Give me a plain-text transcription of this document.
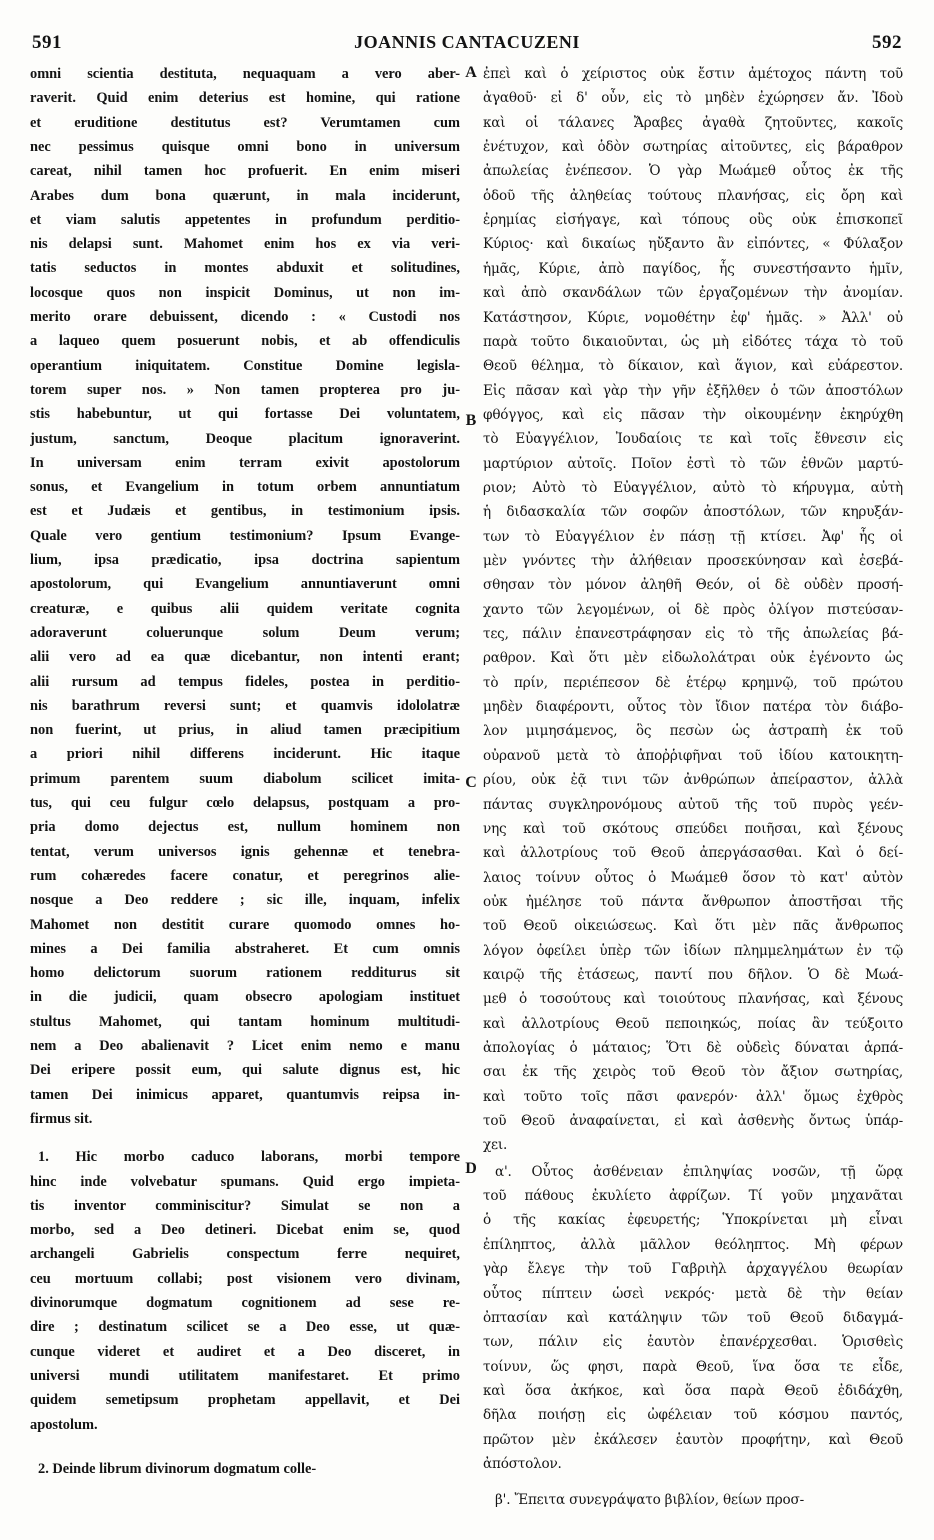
591	JOANNIS CANTACUZENI	592
omni scientia destituta, nequaquam a vero aber-
raverit. Quid enim deterius est homine, qui ratione
et eruditione destitutus est? Verumtamen cum
nec pessimus quisque omni bono in universum
careat, nihil tamen hoc profuerit. En enim miseri
Arabes dum bona quærunt, in mala inciderunt,
et viam salutis appetentes in profundum perditio-
nis delapsi sunt. Mahomet enim hos ex via veri-
tatis seductos in montes abduxit et solitudines,
locosque quos non inspicit Dominus, ut non im-
merito orare debuissent, dicendo : « Custodi nos
a laqueo quem posuerunt nobis, et ab offendiculis
operantium iniquitatem. Constitue Domine legisla-
torem super nos. » Non tamen propterea pro ju-
stis habebuntur, ut qui fortasse Dei voluntatem,
justum, sanctum, Deoque placitum ignoraverint.
In universam enim terram exivit apostolorum
sonus, et Evangelium in totum orbem annuntiatum
est et Judæis et gentibus, in testimonium ipsis.
Quale vero gentium testimonium? Ipsum Evange-
lium, ipsa prædicatio, ipsa doctrina sapientum
apostolorum, qui Evangelium annuntiaverunt omni
creaturæ, e quibus alii quidem veritate cognita
adoraverunt coluerunque solum Deum verum;
alii vero ad ea quæ dicebantur, non intenti erant;
alii rursum ad tempus fideles, postea in perditio-
nis barathrum reversi sunt; et quamvis idololatræ
non fuerint, ut prius, in aliud tamen præcipitium
a priori nihil differens inciderunt. Hic itaque
primum parentem suum diabolum scilicet imita-
tus, qui ceu fulgur cœlo delapsus, postquam a pro-
pria domo dejectus est, nullum hominem non
tentat, verum universos ignis gehennæ et tenebra-
rum cohæredes facere conatur, et peregrinos alie-
nosque a Deo reddere ; sic ille, inquam, infelix
Mahomet non destitit curare quomodo omnes ho-
mines a Dei familia abstraheret. Et cum omnis
homo delictorum suorum rationem redditurus sit
in die judicii, quam obsecro apologiam instituet
stultus Mahomet, qui tantam hominum multitudi-
nem a Deo abalienavit ? Licet enim nemo e manu
Dei eripere possit eum, qui salute dignus est, hic
tamen Dei inimicus apparet, quantumvis reipsa in-
firmus sit.
1. Hic morbo caduco laborans, morbi tempore
hinc inde volvebatur spumans. Quid ergo impieta-
tis inventor comminiscitur? Simulat se non a
morbo, sed a Deo detineri. Dicebat enim se, quod
archangeli Gabrielis conspectum ferre nequiret,
ceu mortuum collabi; post visionem vero divinam,
divinorumque dogmatum cognitionem ad sese re-
dire ; destinatum scilicet se a Deo esse, ut quæ-
cunque videret et audiret et a Deo disceret, in
universi mundi utilitatem manifestaret. Et primo
quidem semetipsum prophetam appellavit, et Dei
apostolum.
2. Deinde librum divinorum dogmatum colle-
A
B
C
D
ἐπεὶ καὶ ὁ χείριστος οὐκ ἔστιν ἀμέτοχος πάντη τοῦ
ἀγαθοῦ· εἰ δ' οὖν, εἰς τὸ μηδὲν ἐχώρησεν ἄν. Ἰδοὺ
καὶ οἱ τάλανες Ἄραβες ἀγαθὰ ζητοῦντες, κακοῖς
ἐνέτυχον, καὶ ὁδὸν σωτηρίας αἰτοῦντες, εἰς βάραθρον
ἀπωλείας ἐνέπεσον. Ὁ γὰρ Μωάμεθ οὗτος ἐκ τῆς
ὁδοῦ τῆς ἀληθείας τούτους πλανήσας, εἰς ὄρη καὶ
ἐρημίας εἰσήγαγε, καὶ τόπους οὓς οὐκ ἐπισκοπεῖ
Κύριος· καὶ δικαίως ηὔξαντο ἂν εἰπόντες, « Φύλαξον
ἡμᾶς, Κύριε, ἀπὸ παγίδος, ἧς συνεστήσαντο ἡμῖν,
καὶ ἀπὸ σκανδάλων τῶν ἐργαζομένων τὴν ἀνομίαν.
Κατάστησον, Κύριε, νομοθέτην ἐφ' ἡμᾶς. » Ἀλλ' οὐ
παρὰ τοῦτο δικαιοῦνται, ὡς μὴ εἰδότες τάχα τὸ τοῦ
Θεοῦ θέλημα, τὸ δίκαιον, καὶ ἅγιον, καὶ εὐάρεστον.
Εἰς πᾶσαν καὶ γὰρ τὴν γῆν ἐξῆλθεν ὁ τῶν ἀποστόλων
φθόγγος, καὶ εἰς πᾶσαν τὴν οἰκουμένην ἐκηρύχθη
τὸ Εὐαγγέλιον, Ἰουδαίοις τε καὶ τοῖς ἔθνεσιν εἰς
μαρτύριον αὐτοῖς. Ποῖον ἐστὶ τὸ τῶν ἐθνῶν μαρτύ-
ριον; Αὐτὸ τὸ Εὐαγγέλιον, αὐτὸ τὸ κήρυγμα, αὐτὴ
ἡ διδασκαλία τῶν σοφῶν ἀποστόλων, τῶν κηρυξάν-
των τὸ Εὐαγγέλιον ἐν πάσῃ τῇ κτίσει. Ἀφ' ἧς οἱ
μὲν γνόντες τὴν ἀλήθειαν προσεκύνησαν καὶ ἐσεβά-
σθησαν τὸν μόνον ἀληθῆ Θεόν, οἱ δὲ οὐδὲν προσή-
χαντο τῶν λεγομένων, οἱ δὲ πρὸς ὀλίγον πιστεύσαν-
τες, πάλιν ἐπανεστράφησαν εἰς τὸ τῆς ἀπωλείας βά-
ραθρον. Καὶ ὅτι μὲν εἰδωλολάτραι οὐκ ἐγένοντο ὡς
τὸ πρίν, περιέπεσον δὲ ἑτέρῳ κρημνῷ, τοῦ πρώτου
μηδὲν διαφέροντι, οὗτος τὸν ἴδιον πατέρα τὸν διάβο-
λον μιμησάμενος, ὃς πεσὼν ὡς ἀστραπὴ ἐκ τοῦ
οὐρανοῦ μετὰ τὸ ἀποῤῥιφῆναι τοῦ ἰδίου κατοικητη-
ρίου, οὐκ ἐᾷ τινι τῶν ἀνθρώπων ἀπείραστον, ἀλλὰ
πάντας συγκληρονόμους αὐτοῦ τῆς τοῦ πυρὸς γεέν-
νης καὶ τοῦ σκότους σπεύδει ποιῆσαι, καὶ ξένους
καὶ ἀλλοτρίους τοῦ Θεοῦ ἀπεργάσασθαι. Καὶ ὁ δεί-
λαιος τοίνυν οὗτος ὁ Μωάμεθ ὅσον τὸ κατ' αὐτὸν
οὐκ ἠμέλησε τοῦ πάντα ἄνθρωπον ἀποστῆσαι τῆς
τοῦ Θεοῦ οἰκειώσεως. Καὶ ὅτι μὲν πᾶς ἄνθρωπος
λόγον ὀφείλει ὑπὲρ τῶν ἰδίων πλημμελημάτων ἐν τῷ
καιρῷ τῆς ἐτάσεως, παντί που δῆλον. Ὁ δὲ Μωά-
μεθ ὁ τοσούτους καὶ τοιούτους πλανήσας, καὶ ξένους
καὶ ἀλλοτρίους Θεοῦ πεποιηκώς, ποίας ἂν τεύξοιτο
ἀπολογίας ὁ μάταιος; Ὅτι δὲ οὐδεὶς δύναται ἁρπά-
σαι ἐκ τῆς χειρὸς τοῦ Θεοῦ τὸν ἄξιον σωτηρίας,
καὶ τοῦτο τοῖς πᾶσι φανερόν· ἀλλ' ὅμως ἐχθρὸς
τοῦ Θεοῦ ἀναφαίνεται, εἰ καὶ ἀσθενὴς ὄντως ὑπάρ-
χει.
α'. Οὗτος ἀσθένειαν ἐπιληψίας νοσῶν, τῇ ὥρᾳ
τοῦ πάθους ἐκυλίετο ἀφρίζων. Τί γοῦν μηχανᾶται
ὁ τῆς κακίας ἐφευρετής; Ὑποκρίνεται μὴ εἶναι
ἐπίληπτος, ἀλλὰ μᾶλλον θεόληπτος. Μὴ φέρων
γὰρ ἔλεγε τὴν τοῦ Γαβριὴλ ἀρχαγγέλου θεωρίαν
οὗτος πίπτειν ὡσεὶ νεκρός· μετὰ δὲ τὴν θείαν
ὀπτασίαν καὶ κατάληψιν τῶν τοῦ Θεοῦ διδαγμά-
των, πάλιν εἰς ἑαυτὸν ἐπανέρχεσθαι. Ὁρισθεὶς
τοίνυν, ὥς φησι, παρὰ Θεοῦ, ἵνα ὅσα τε εἶδε,
καὶ ὅσα ἀκήκοε, καὶ ὅσα παρὰ Θεοῦ ἐδιδάχθη,
δῆλα ποιήσῃ εἰς ὠφέλειαν τοῦ κόσμου παντός,
πρῶτον μὲν ἐκάλεσεν ἑαυτὸν προφήτην, καὶ Θεοῦ
ἀπόστολον.
β'. Ἔπειτα συνεγράψατο βιβλίον, θείων προσ-
